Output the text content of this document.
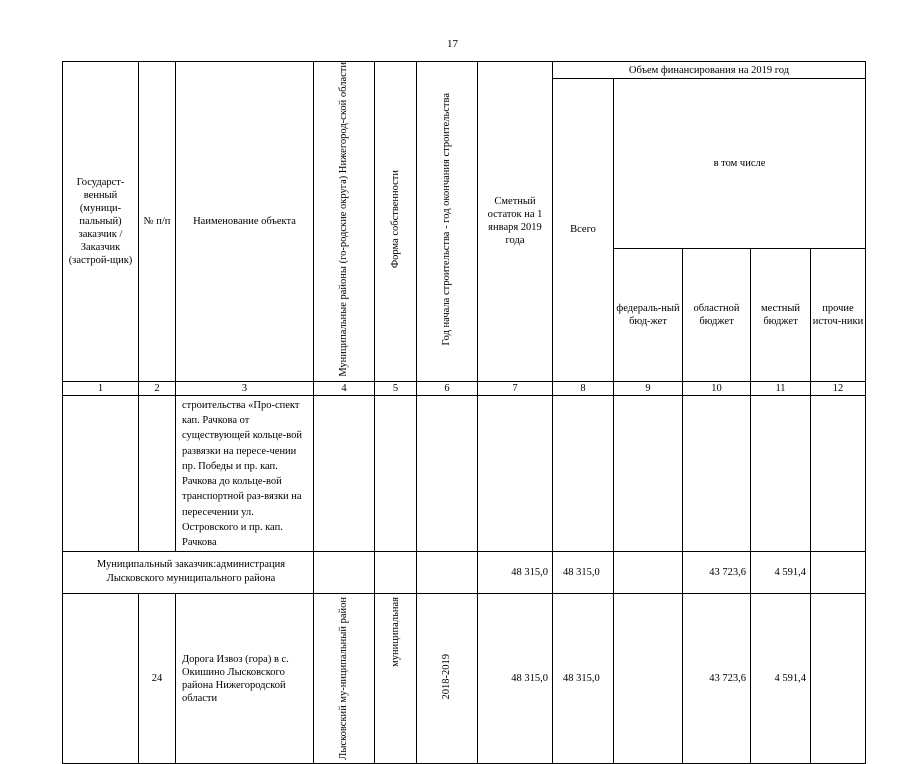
17
Государст-венный (муници-пальный) заказчик / Заказчик (застрой-щик)	№ п/п	Наименование объекта	Муниципальные районы (го-родские округа) Нижегород-ской области	Форма собственности	Год начала строительства - год окончания строительства	Сметный остаток на 1 января 2019 года	Объем финансирования на 2019 год				
							Всего	в том числе			
								федераль-ный бюд-жет	областной бюджет	местный бюджет	прочие источ-ники
1	2	3	4	5	6	7	8	9	10	11	12
		строительства «Про-спект кап. Рачкова от существующей кольце-вой развязки на пересе-чении пр. Победы и пр. кап. Рачкова до кольце-вой транспортной раз-вязки на пересечении ул. Островского и пр. кап. Рачкова									
Муниципальный заказчик:администрация Лысковского муниципального района						48 315,0	48 315,0		43 723,6	4 591,4	
	24	Дорога Извоз (гора) в с. Окишино Лысковского района Нижегородской области	Лысковский му-ниципальный район	муниципальная	2018-2019	48 315,0	48 315,0		43 723,6	4 591,4	
